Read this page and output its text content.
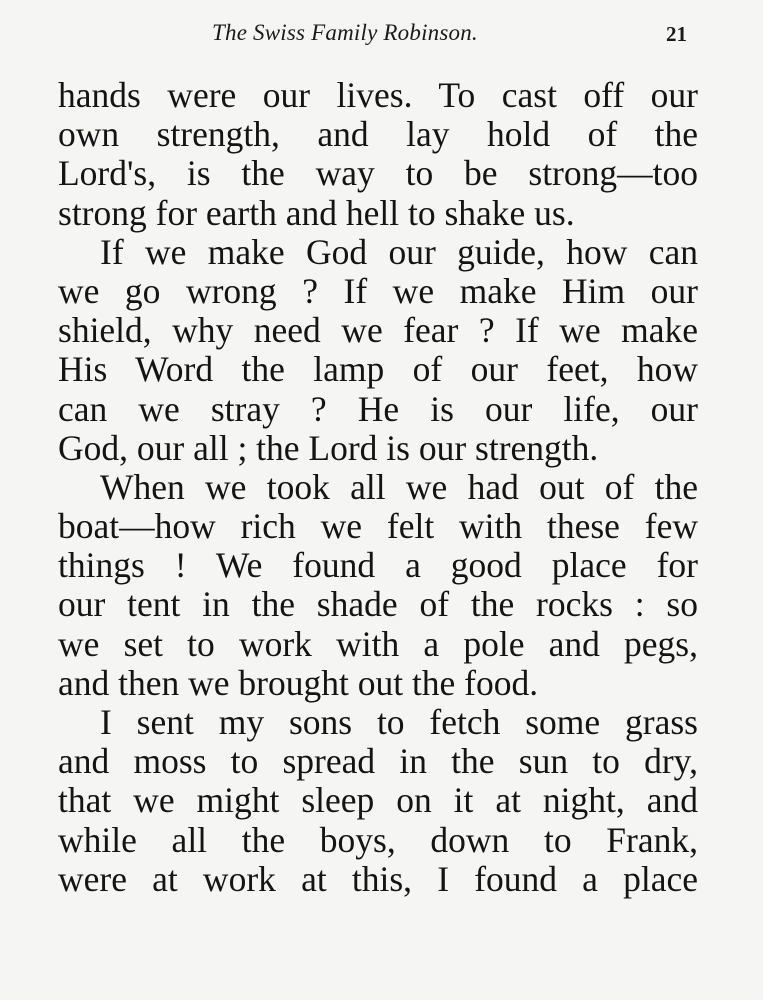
The Swiss Family Robinson.	21
hands were our lives. To cast off our
own strength, and lay hold of the
Lord's, is the way to be strong—too
strong for earth and hell to shake us.
If we make God our guide, how can
we go wrong ? If we make Him our
shield, why need we fear ? If we make
His Word the lamp of our feet, how
can we stray ? He is our life, our
God, our all ; the Lord is our strength.
When we took all we had out of the
boat—how rich we felt with these few
things ! We found a good place for
our tent in the shade of the rocks : so
we set to work with a pole and pegs,
and then we brought out the food.
I sent my sons to fetch some grass
and moss to spread in the sun to dry,
that we might sleep on it at night, and
while all the boys, down to Frank,
were at work at this, I found a place
